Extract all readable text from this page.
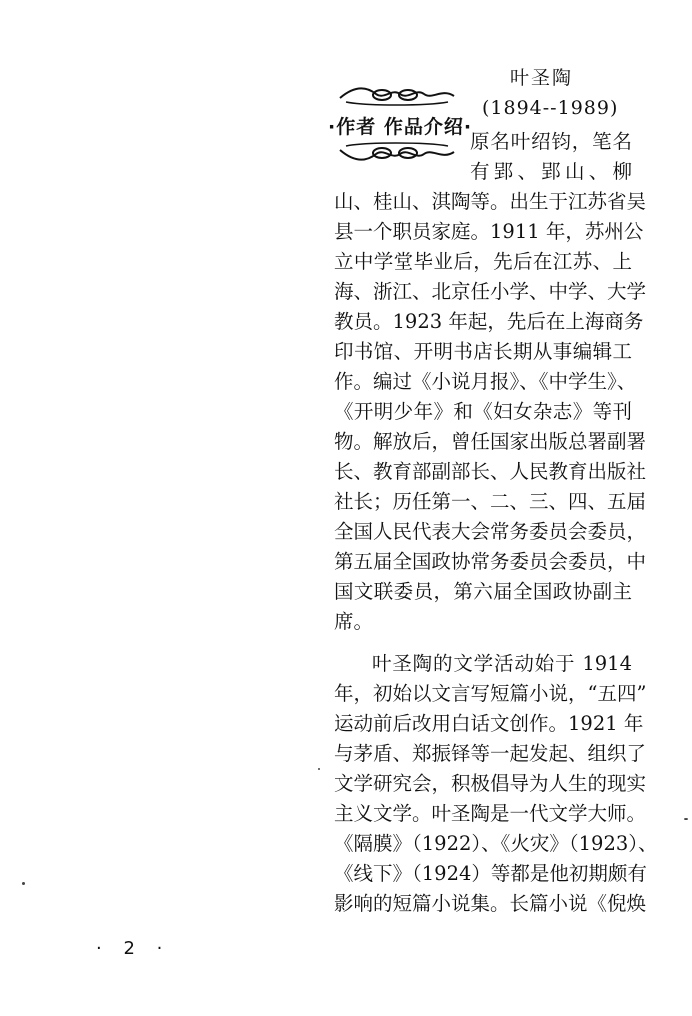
叶圣陶
(1894--1989)
·作者 作品介绍·
原名叶绍钧，笔名
有郢、郢山、柳
山、桂山、淇陶等。出生于江苏省吴
县一个职员家庭。1911 年，苏州公
立中学堂毕业后，先后在江苏、上
海、浙江、北京任小学、中学、大学
教员。1923 年起，先后在上海商务
印书馆、开明书店长期从事编辑工
作。编过《小说月报》、《中学生》、
《开明少年》和《妇女杂志》等刊
物。解放后，曾任国家出版总署副署
长、教育部副部长、人民教育出版社
社长；历任第一、二、三、四、五届
全国人民代表大会常务委员会委员，
第五届全国政协常务委员会委员，中
国文联委员，第六届全国政协副主
席。
叶圣陶的文学活动始于 1914
年，初始以文言写短篇小说，“五四”
运动前后改用白话文创作。1921 年
与茅盾、郑振铎等一起发起、组织了
文学研究会，积极倡导为人生的现实
主义文学。叶圣陶是一代文学大师。
《隔膜》（1922）、《火灾》（1923）、
《线下》（1924）等都是他初期颇有
影响的短篇小说集。长篇小说《倪焕
· 2 ·
